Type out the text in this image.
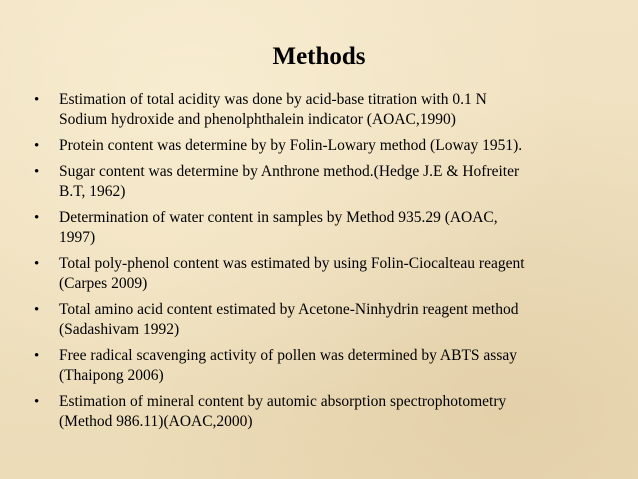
Methods
• Estimation of total acidity was done by acid-base titration with 0.1 N
Sodium hydroxide and phenolphthalein indicator (AOAC,1990)
• Protein content was determine by by Folin-Lowary method (Loway 1951).
• Sugar content was determine by Anthrone method.(Hedge J.E & Hofreiter
B.T, 1962)
• Determination of water content in samples by Method 935.29 (AOAC,
1997)
• Total poly-phenol content was estimated by using Folin-Ciocalteau reagent
(Carpes 2009)
• Total amino acid content estimated by Acetone-Ninhydrin reagent method
(Sadashivam 1992)
• Free radical scavenging activity of pollen was determined by ABTS assay
(Thaipong 2006)
• Estimation of mineral content by automic absorption spectrophotometry
(Method 986.11)(AOAC,2000)
